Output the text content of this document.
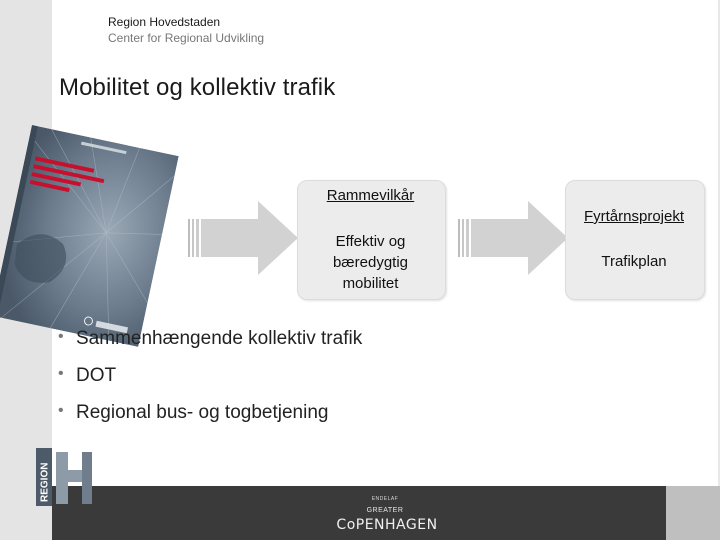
Region Hovedstaden
Center for Regional Udvikling
Mobilitet og kollektiv trafik
Rammevilkår
Effektiv og
bæredygtig
mobilitet
Fyrtårnsprojekt
Trafikplan
• Sammenhængende kollektiv trafik
• DOT
• Regional bus- og togbetjening
ENDELAF
GREATER
CoPENHAGEN
REGION
